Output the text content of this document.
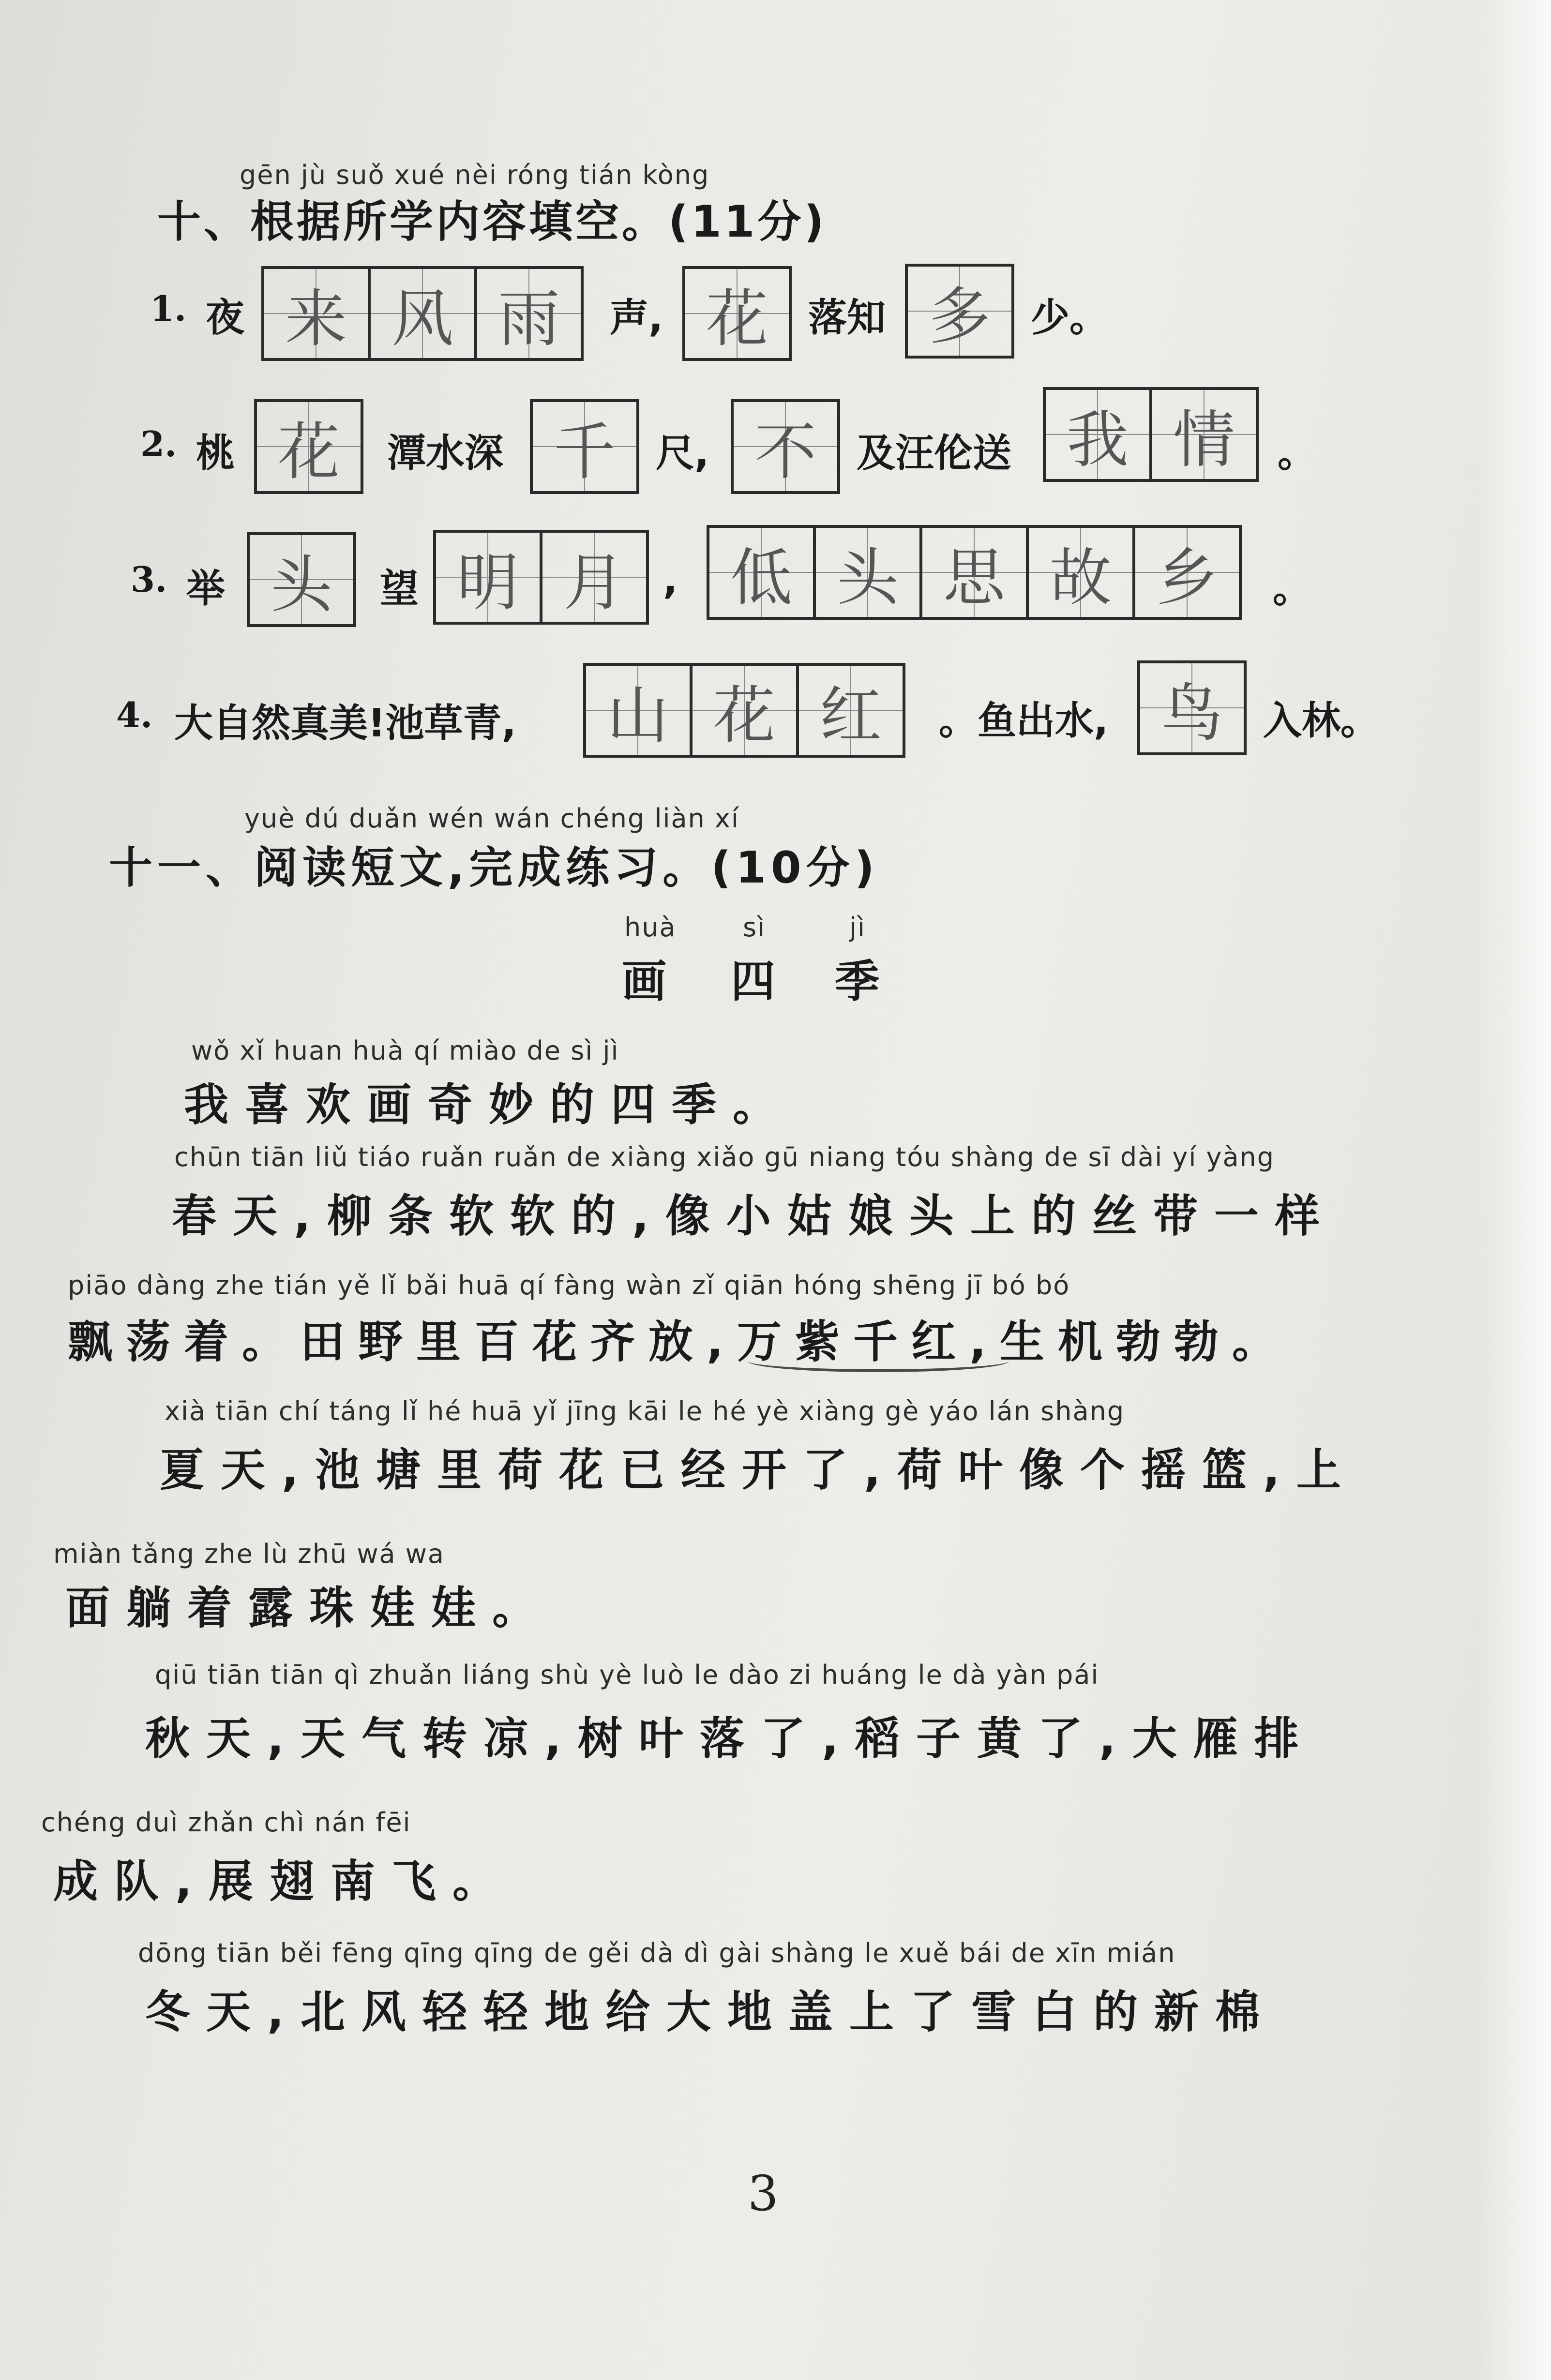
gēn jù suǒ xué nèi róng tián kòng
十、根据所学内容填空。(11分)
1. 夜 来 风 雨 声, 花 落知 多 少。
2. 桃 花 潭水深 千 尺, 不 及汪伦送 我 情 。
3. 举 头 望 明 月 , 低 头 思 故 乡 。
4. 大自然真美!池草青, 山 花 红 。鱼出水, 鸟 入林。
yuè dú duǎn wén wán chéng liàn xí
十一、阅读短文,完成练习。(10分)
huà	sì	jì
画 四 季
wǒ xǐ huan huà qí miào de sì jì
我喜欢画奇妙的四季。
chūn tiān liǔ tiáo ruǎn ruǎn de xiàng xiǎo gū niang tóu shàng de sī dài yí yàng
春天,柳条软软的,像小姑娘头上的丝带一样
piāo dàng zhe tián yě lǐ bǎi huā qí fàng wàn zǐ qiān hóng shēng jī bó bó
飘荡着。田野里百花齐放,万紫千红,生机勃勃。
xià tiān chí táng lǐ hé huā yǐ jīng kāi le hé yè xiàng gè yáo lán shàng
夏天,池塘里荷花已经开了,荷叶像个摇篮,上
miàn tǎng zhe lù zhū wá wa
面躺着露珠娃娃。
qiū tiān tiān qì zhuǎn liáng shù yè luò le dào zi huáng le dà yàn pái
秋天,天气转凉,树叶落了,稻子黄了,大雁排
chéng duì zhǎn chì nán fēi
成队,展翅南飞。
dōng tiān běi fēng qīng qīng de gěi dà dì gài shàng le xuě bái de xīn mián
冬天,北风轻轻地给大地盖上了雪白的新棉
3
